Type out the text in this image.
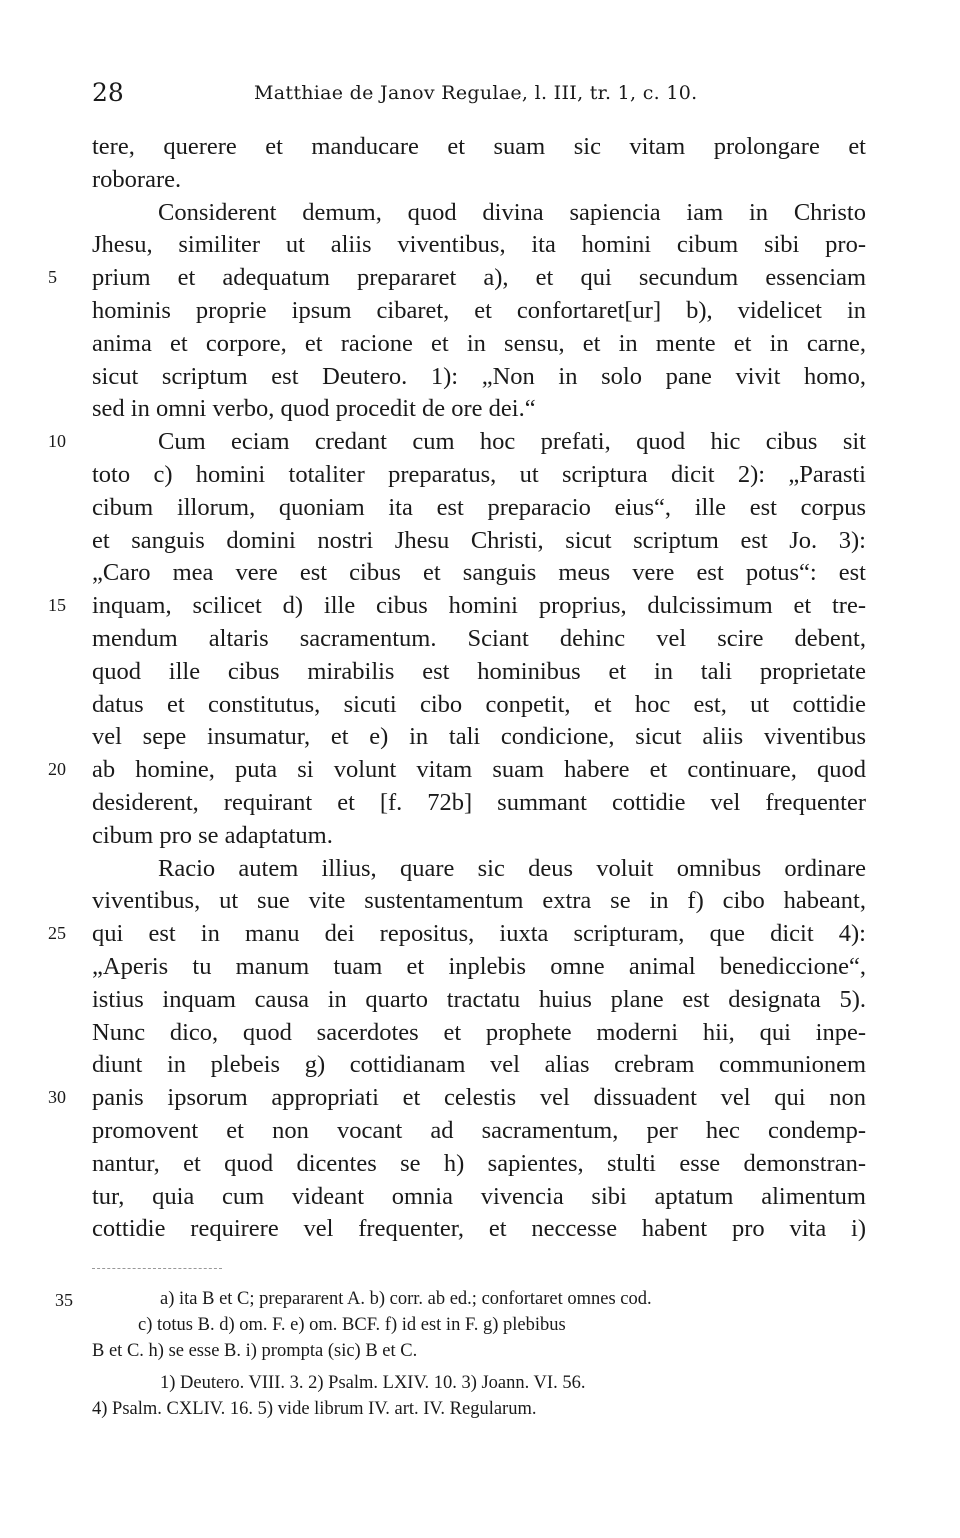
28	Matthiae de Janov Regulae, l. III, tr. 1, c. 10.
tere, querere et manducare et suam sic vitam prolongare et
roborare.
Considerent demum, quod divina sapiencia iam in Christo
Jhesu, similiter ut aliis viventibus, ita homini cibum sibi pro-
prium et adequatum prepararet a), et qui secundum essenciam
5
hominis proprie ipsum cibaret, et confortaret[ur] b), videlicet in
anima et corpore, et racione et in sensu, et in mente et in carne,
sicut scriptum est Deutero. 1): „Non in solo pane vivit homo,
sed in omni verbo, quod procedit de ore dei.“
Cum eciam credant cum hoc prefati, quod hic cibus sit
10
toto c) homini totaliter preparatus, ut scriptura dicit 2): „Parasti
cibum illorum, quoniam ita est preparacio eius“, ille est corpus
et sanguis domini nostri Jhesu Christi, sicut scriptum est Jo. 3):
„Caro mea vere est cibus et sanguis meus vere est potus“: est
inquam, scilicet d) ille cibus homini proprius, dulcissimum et tre-
15
mendum altaris sacramentum. Sciant dehinc vel scire debent,
quod ille cibus mirabilis est hominibus et in tali proprietate
datus et constitutus, sicuti cibo conpetit, et hoc est, ut cottidie
vel sepe insumatur, et e) in tali condicione, sicut aliis viventibus
ab homine, puta si volunt vitam suam habere et continuare, quod
20
desiderent, requirant et [f. 72b] summant cottidie vel frequenter
cibum pro se adaptatum.
Racio autem illius, quare sic deus voluit omnibus ordinare
viventibus, ut sue vite sustentamentum extra se in f) cibo habeant,
qui est in manu dei repositus, iuxta scripturam, que dicit 4):
25
„Aperis tu manum tuam et inplebis omne animal benediccione“,
istius inquam causa in quarto tractatu huius plane est designata 5).
Nunc dico, quod sacerdotes et prophete moderni hii, qui inpe-
diunt in plebeis g) cottidianam vel alias crebram communionem
panis ipsorum appropriati et celestis vel dissuadent vel qui non
30
promovent et non vocant ad sacramentum, per hec condemp-
nantur, et quod dicentes se h) sapientes, stulti esse demonstran-
tur, quia cum videant omnia vivencia sibi aptatum alimentum
cottidie requirere vel frequenter, et neccesse habent pro vita i)
35	a) ita B et C; prepararent A. b) corr. ab ed.; confortaret omnes cod.
c) totus B. d) om. F. e) om. BCF. f) id est in F. g) plebibus
B et C. h) se esse B. i) prompta (sic) B et C.
1) Deutero. VIII. 3. 2) Psalm. LXIV. 10. 3) Joann. VI. 56.
4) Psalm. CXLIV. 16. 5) vide librum IV. art. IV. Regularum.
